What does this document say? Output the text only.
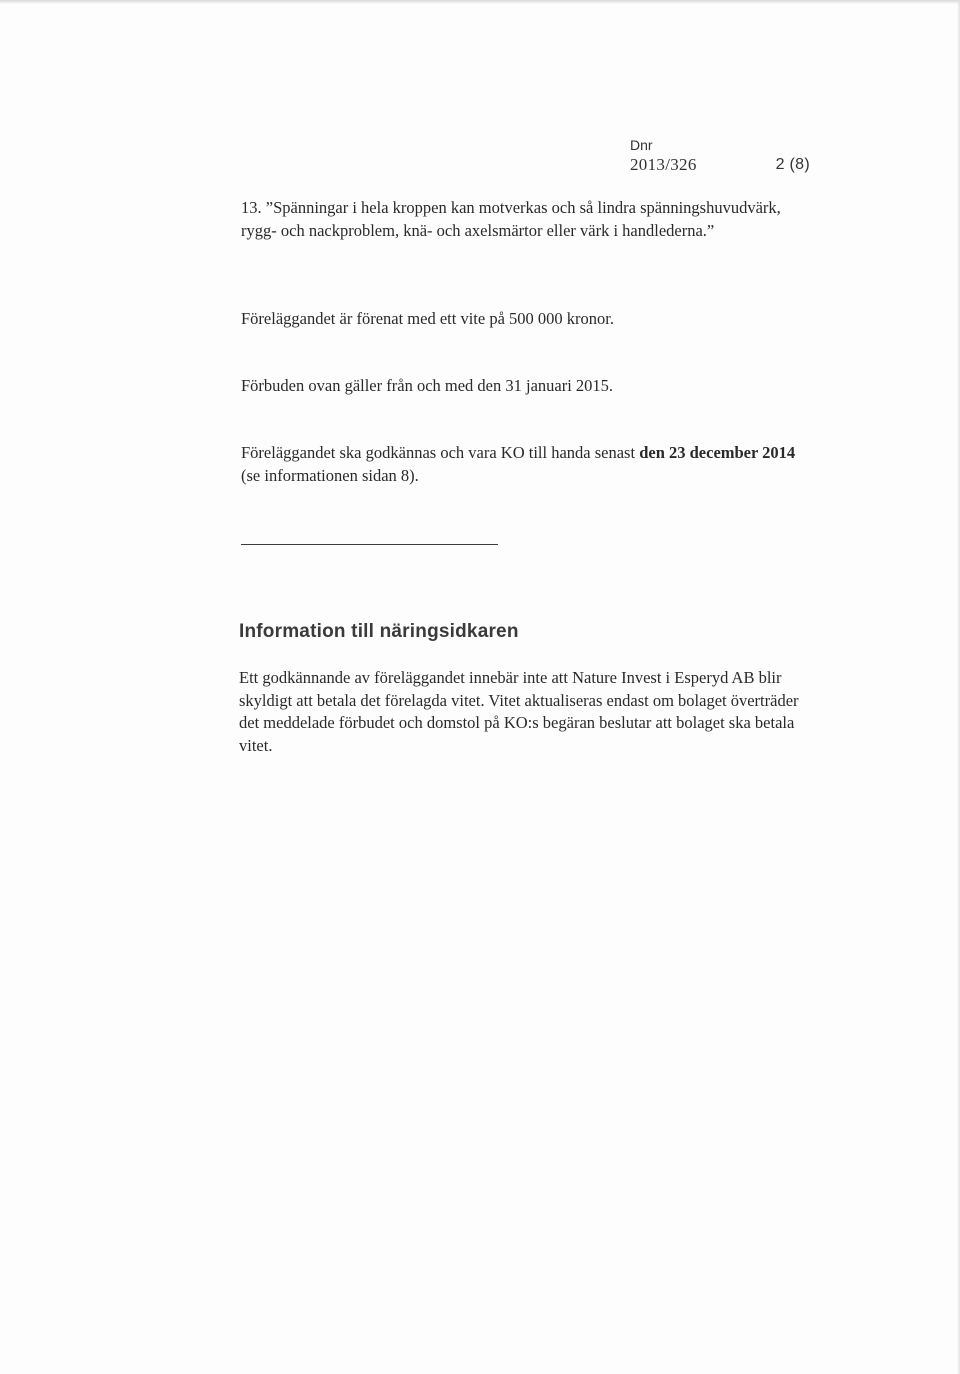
Dnr
2013/326	2 (8)

13. ”Spänningar i hela kroppen kan motverkas och så lindra spänningshuvudvärk, rygg- och nackproblem, knä- och axelsmärtor eller värk i handlederna.”

Föreläggandet är förenat med ett vite på 500 000 kronor.

Förbuden ovan gäller från och med den 31 januari 2015.

Föreläggandet ska godkännas och vara KO till handa senast den 23 december 2014 (se informationen sidan 8).

Information till näringsidkaren

Ett godkännande av föreläggandet innebär inte att Nature Invest i Esperyd AB blir skyldigt att betala det förelagda vitet. Vitet aktualiseras endast om bolaget överträder det meddelade förbudet och domstol på KO:s begäran beslutar att bolaget ska betala vitet.
